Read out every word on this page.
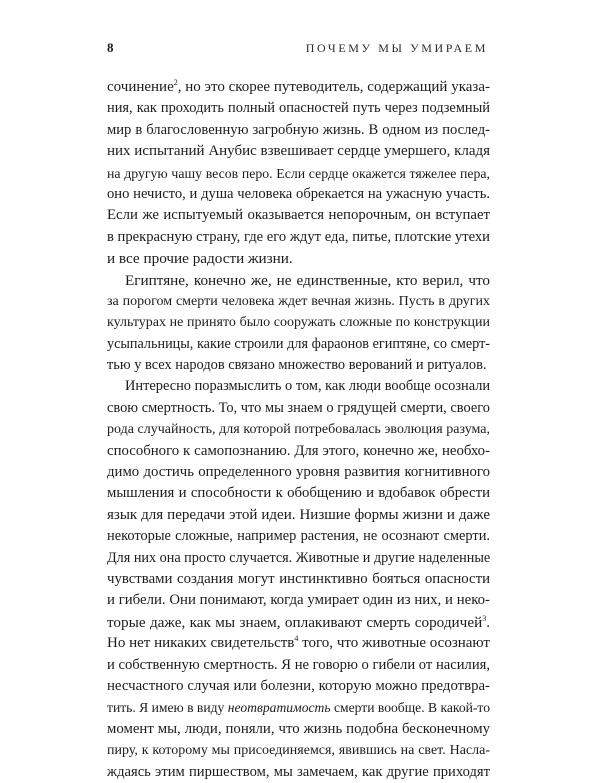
8	ПОЧЕМУ МЫ УМИРАЕМ
сочинение$^2$, но это скорее путеводитель, содержащий указа-
ния, как проходить полный опасностей путь через подземный
мир в благословенную загробную жизнь. В одном из послед-
них испытаний Анубис взвешивает сердце умершего, кладя
на другую чашу весов перо. Если сердце окажется тяжелее пера,
оно нечисто, и душа человека обрекается на ужасную участь.
Если же испытуемый оказывается непорочным, он вступает
в прекрасную страну, где его ждут еда, питье, плотские утехи
и все прочие радости жизни.
Египтяне, конечно же, не единственные, кто верил, что
за порогом смерти человека ждет вечная жизнь. Пусть в других
культурах не принято было сооружать сложные по конструкции
усыпальницы, какие строили для фараонов египтяне, со смерт-
тью у всех народов связано множество верований и ритуалов.
Интересно поразмыслить о том, как люди вообще осознали
свою смертность. То, что мы знаем о грядущей смерти, своего
рода случайность, для которой потребовалась эволюция разума,
способного к самопознанию. Для этого, конечно же, необхо-
димо достичь определенного уровня развития когнитивного
мышления и способности к обобщению и вдобавок обрести
язык для передачи этой идеи. Низшие формы жизни и даже
некоторые сложные, например растения, не осознают смерти.
Для них она просто случается. Животные и другие наделенные
чувствами создания могут инстинктивно бояться опасности
и гибели. Они понимают, когда умирает один из них, и неко-
торые даже, как мы знаем, оплакивают смерть сородичей$^3$.
Но нет никаких свидетельств$^4$ того, что животные осознают
и собственную смертность. Я не говорю о гибели от насилия,
несчастного случая или болезни, которую можно предотвра-
тить. Я имею в виду неотвратимость смерти вообще. В какой-то
момент мы, люди, поняли, что жизнь подобна бесконечному
пиру, к которому мы присоединяемся, явившись на свет. Насла-
ждаясь этим пиршеством, мы замечаем, как другие приходят
